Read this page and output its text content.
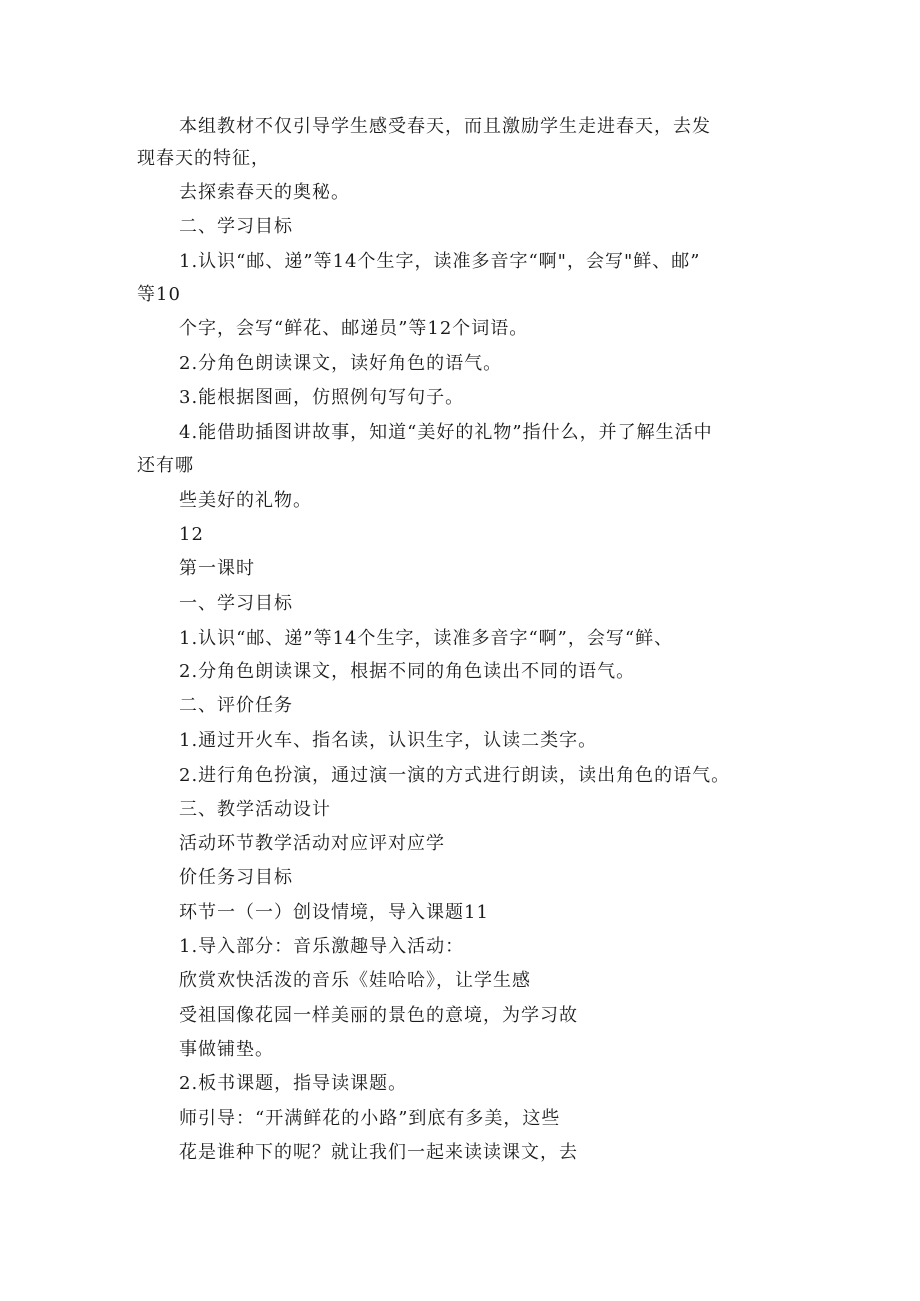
本组教材不仅引导学生感受春天，而且激励学生走进春天，去发
现春天的特征，
去探索春天的奥秘。
二、学习目标
1.认识“邮、递”等14个生字，读准多音字“啊"，会写"鲜、邮”
等10
个字，会写“鲜花、邮递员”等12个词语。
2.分角色朗读课文，读好角色的语气。
3.能根据图画，仿照例句写句子。
4.能借助插图讲故事，知道“美好的礼物”指什么，并了解生活中
还有哪
些美好的礼物。
12
第一课时
一、学习目标
1.认识“邮、递”等14个生字，读准多音字“啊”，会写“鲜、
2.分角色朗读课文，根据不同的角色读出不同的语气。
二、评价任务
1.通过开火车、指名读，认识生字，认读二类字。
2.进行角色扮演，通过演一演的方式进行朗读，读出角色的语气。
三、教学活动设计
活动环节教学活动对应评对应学
价任务习目标
环节一（一）创设情境，导入课题11
1.导入部分：音乐激趣导入活动：
欣赏欢快活泼的音乐《娃哈哈》，让学生感
受祖国像花园一样美丽的景色的意境，为学习故
事做铺垫。
2.板书课题，指导读课题。
师引导：“开满鲜花的小路”到底有多美，这些
花是谁种下的呢？就让我们一起来读读课文，去
